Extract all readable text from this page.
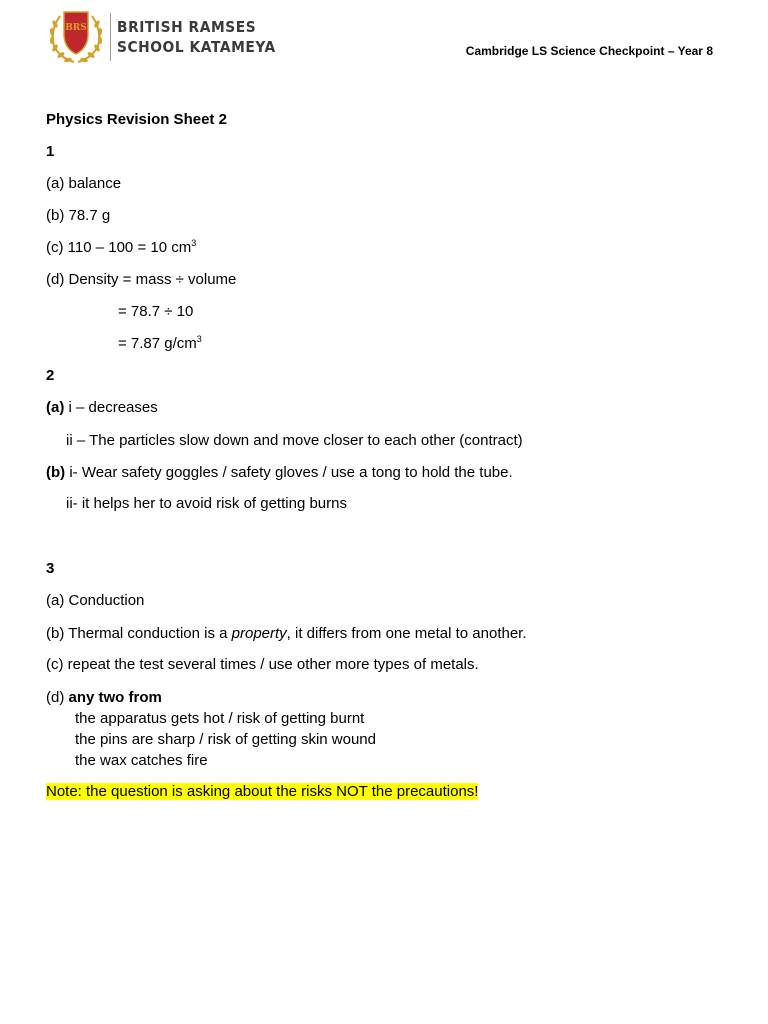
BRS BRITISH RAMSES
SCHOOL KATAMEYA	Cambridge LS Science Checkpoint – Year 8
Physics Revision Sheet 2
1
(a) balance
(b) 78.7 g
(c) 110 – 100 = 10 $cm^3$
(d) Density = mass ÷ volume
= 78.7 ÷ 10
= 7.87 $g/cm^3$
2
(a) i – decreases
ii – The particles slow down and move closer to each other (contract)
(b) i- Wear safety goggles / safety gloves / use a tong to hold the tube.
ii- it helps her to avoid risk of getting burns
3
(a) Conduction
(b) Thermal conduction is a property, it differs from one metal to another.
(c) repeat the test several times / use other more types of metals.
(d) any two from
the apparatus gets hot / risk of getting burnt
the pins are sharp / risk of getting skin wound
the wax catches fire
Note: the question is asking about the risks NOT the precautions!
